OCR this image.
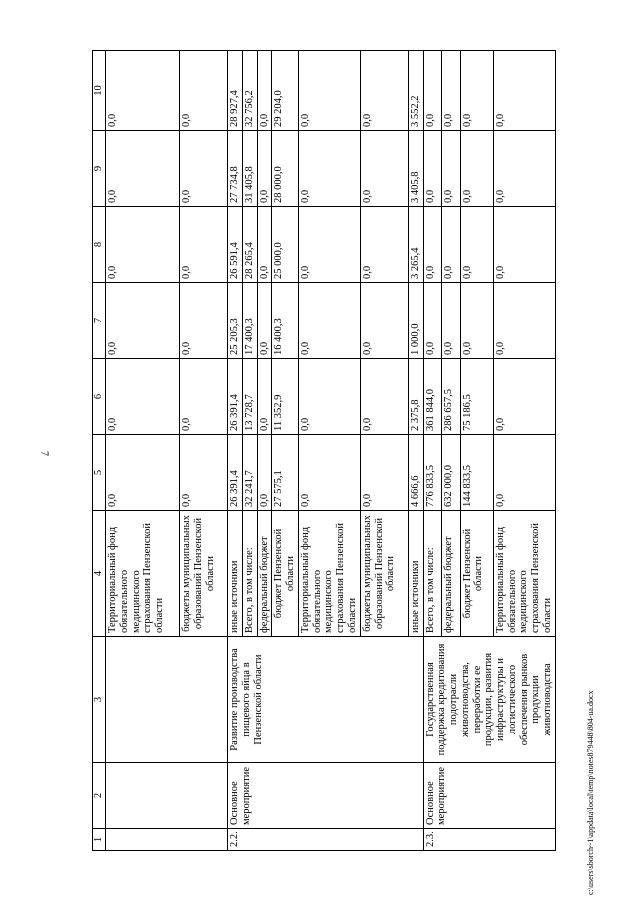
7
1	2	3	4	5	6	7	8	9	10
			Территориальный фонд обязательного медицинского страхования Пензенской области	0,0	0,0	0,0	0,0	0,0	0,0
			бюджеты муниципальных образований Пензенской области	0,0	0,0	0,0	0,0	0,0	0,0
2.2.	Основное мероприятие	Развитие производства пищевого яйца в Пензенской области	иные источники	26 391,4	26 391,4	25 205,3	26 591,4	27 734,8	28 927,4
			Всего, в том числе:	32 241,7	13 728,7	17 400,3	28 265,4	31 405,8	32 756,2
			федеральный бюджет	0,0	0,0	0,0	0,0	0,0	0,0
			бюджет Пензенской области	27 575,1	11 352,9	16 400,3	25 000,0	28 000,0	29 204,0
			Территориальный фонд обязательного медицинского страхования Пензенской области	0,0	0,0	0,0	0,0	0,0	0,0
			бюджеты муниципальных образований Пензенской области	0,0	0,0	0,0	0,0	0,0	0,0
			иные источники	4 666,6	2 375,8	1 000,0	3 265,4	3 405,8	3 552,2
2.3.	Основное мероприятие	Государственная поддержка кредитования подотрасли животноводства, переработки ее продукции, развития инфраструктуры и логистического обеспечения рынков продукции животноводства	Всего, в том числе:	776 833,5	361 844,0	0,0	0,0	0,0	0,0
			федеральный бюджет	632 000,0	286 657,5	0,0	0,0	0,0	0,0
			бюджет Пензенской области	144 833,5	75 186,5	0,0	0,0	0,0	0,0
			Территориальный фонд обязательного медицинского страхования Пензенской области	0,0	0,0	0,0	0,0	0,0	0,0
c:\users\sborch~1\appdata\local\temp\notes879448\804-ua.docx
